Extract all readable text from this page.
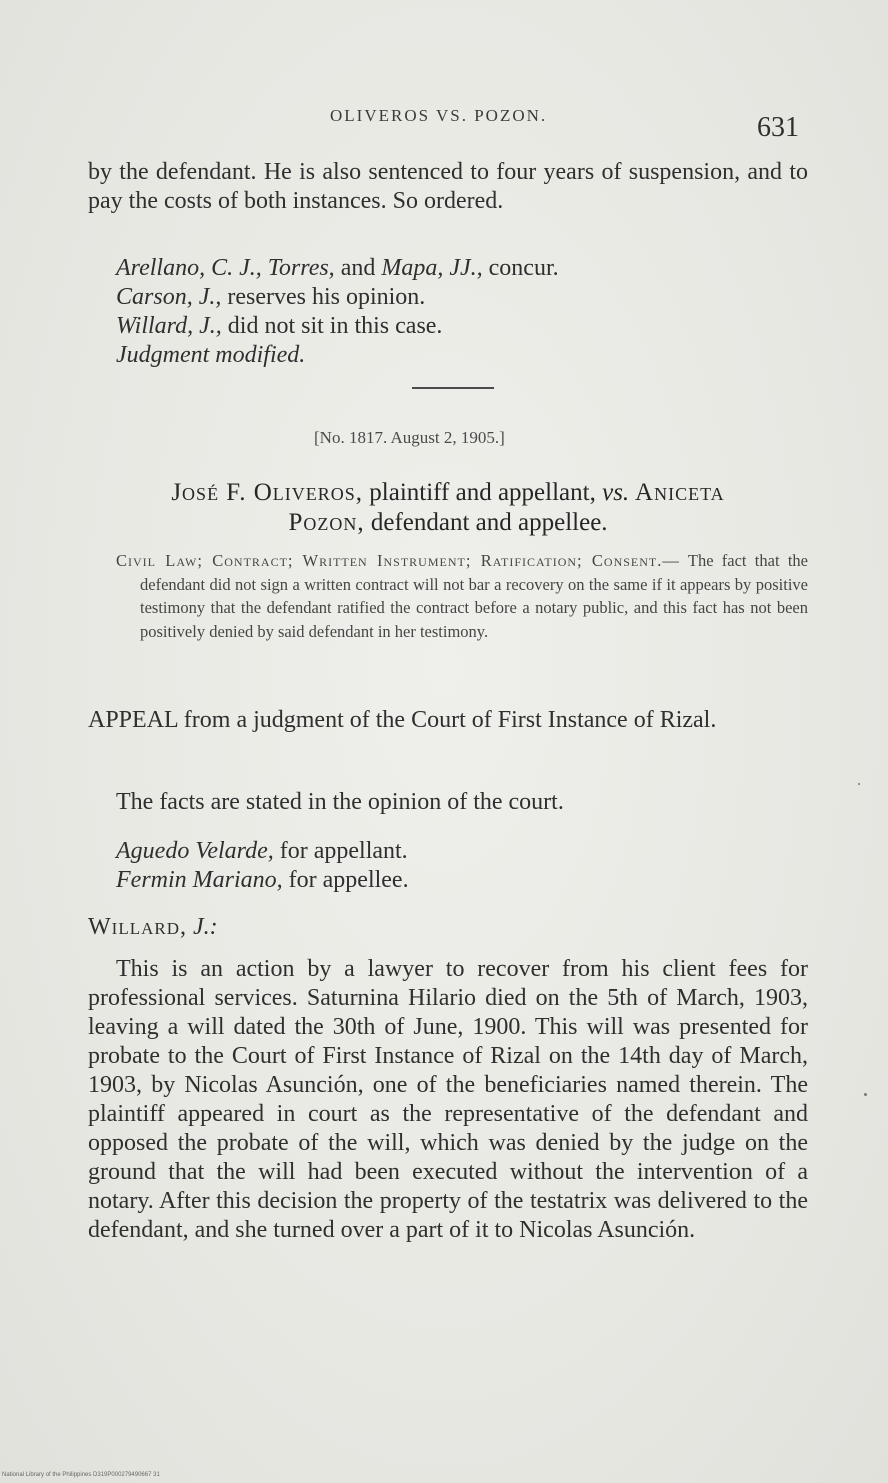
OLIVEROS VS. POZON.	631
by the defendant. He is also sentenced to four years of suspension, and to pay the costs of both instances. So ordered.
Arellano, C. J., Torres, and Mapa, JJ., concur.
Carson, J., reserves his opinion.
Willard, J., did not sit in this case.
Judgment modified.
[No. 1817. August 2, 1905.]
José F. Oliveros, plaintiff and appellant, vs. Aniceta
Pozon, defendant and appellee.
Civil Law; Contract; Written Instrument; Ratification; Consent.— The fact that the defendant did not sign a written contract will not bar a recovery on the same if it appears by positive testimony that the defendant ratified the contract before a notary public, and this fact has not been positively denied by said defendant in her testimony.
APPEAL from a judgment of the Court of First Instance of Rizal.
The facts are stated in the opinion of the court.
Aguedo Velarde, for appellant.
Fermin Mariano, for appellee.
Willard, J.:
This is an action by a lawyer to recover from his client fees for professional services. Saturnina Hilario died on the 5th of March, 1903, leaving a will dated the 30th of June, 1900. This will was presented for probate to the Court of First Instance of Rizal on the 14th day of March, 1903, by Nicolas Asunción, one of the beneficiaries named therein. The plaintiff appeared in court as the representative of the defendant and opposed the probate of the will, which was denied by the judge on the ground that the will had been executed without the intervention of a notary. After this decision the property of the testatrix was delivered to the defendant, and she turned over a part of it to Nicolas Asunción.
National Library of the Philippines D319P000279490667 31
